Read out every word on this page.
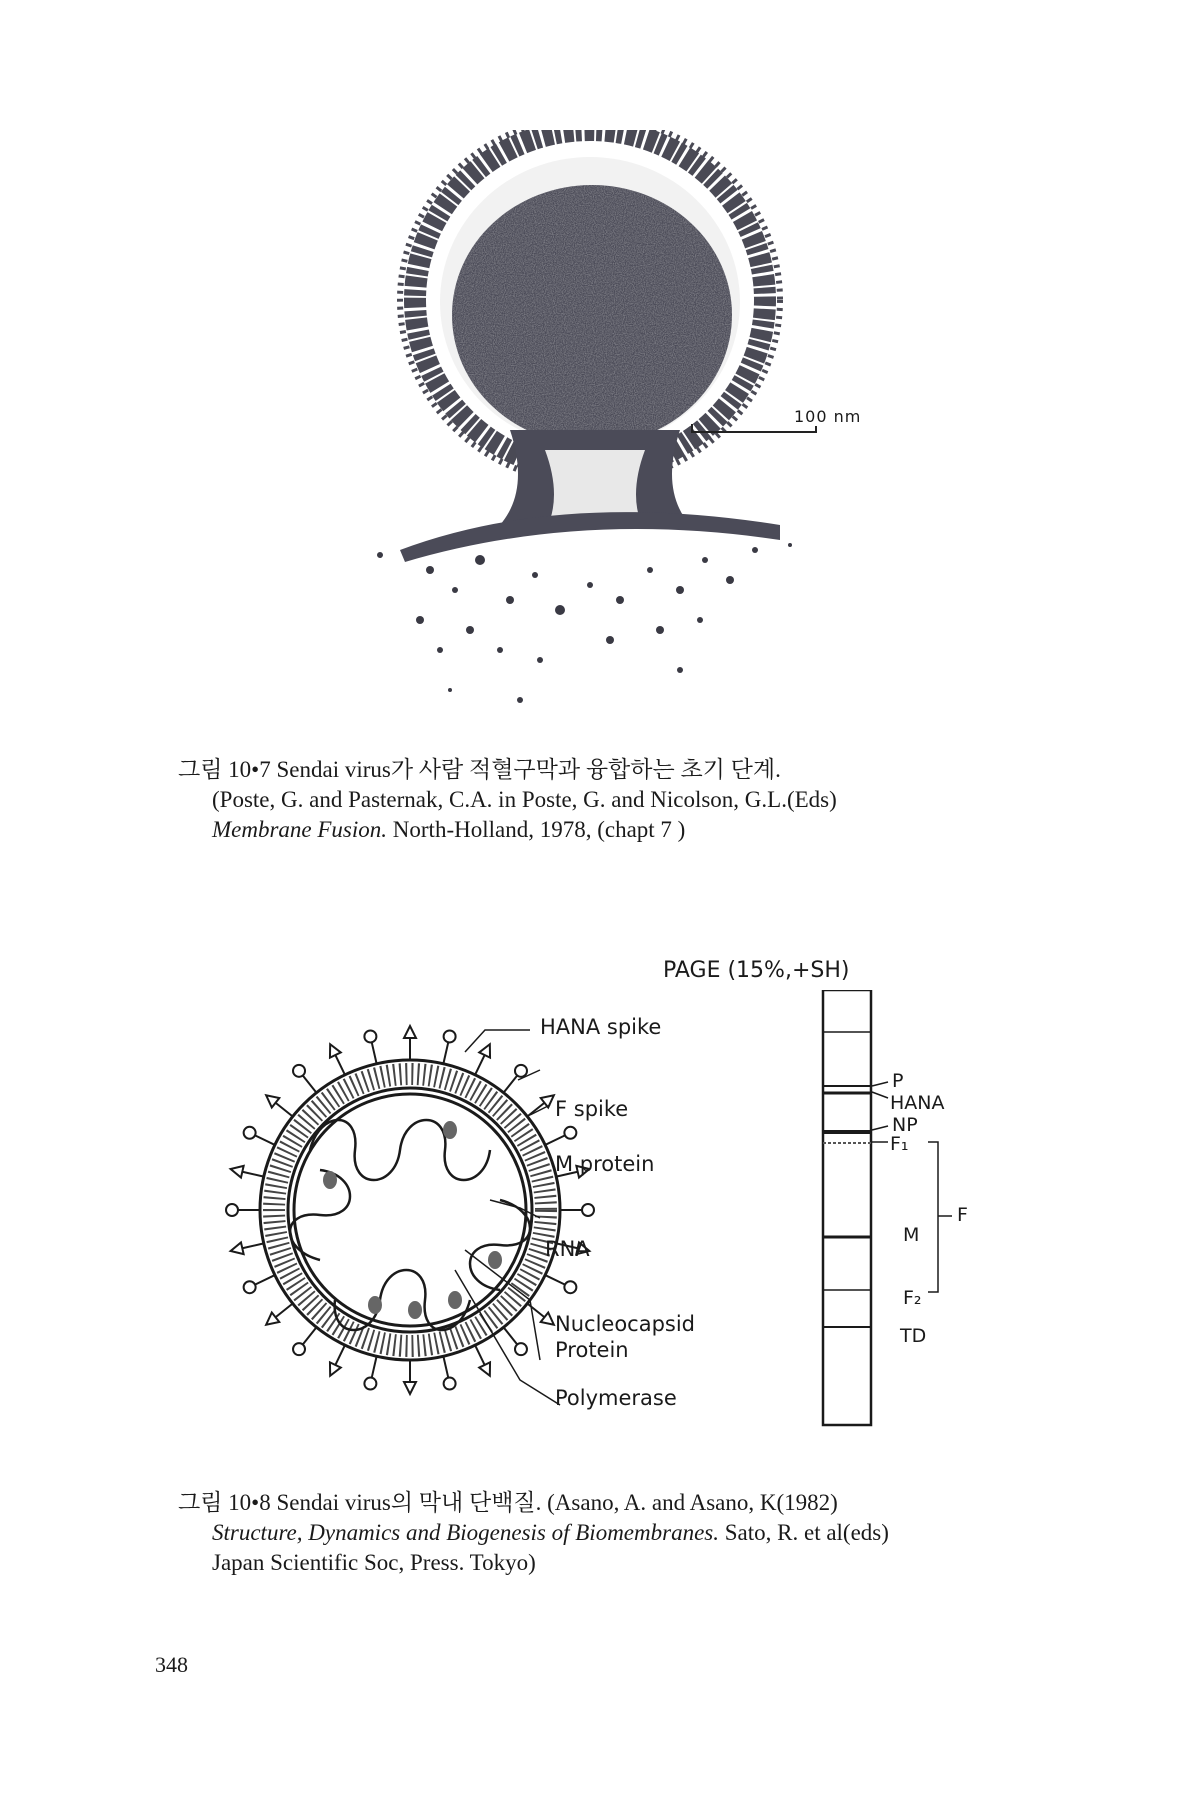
100 nm
그림 10•7 Sendai virus가 사람 적혈구막과 융합하는 초기 단계.
(Poste, G. and Pasternak, C.A. in Poste, G. and Nicolson, G.L.(Eds)
Membrane Fusion. North-Holland, 1978, (chapt 7 )
HANA spike
F spike
M protein
RNA
Nucleocapsid
Protein
Polymerase
PAGE (15%,+SH)
P
HANA
NP
F₁
M
F
F₂
TD
그림 10•8 Sendai virus의 막내 단백질. (Asano, A. and Asano, K(1982)
Structure, Dynamics and Biogenesis of Biomembranes. Sato, R. et al(eds)
Japan Scientific Soc, Press. Tokyo)
348
